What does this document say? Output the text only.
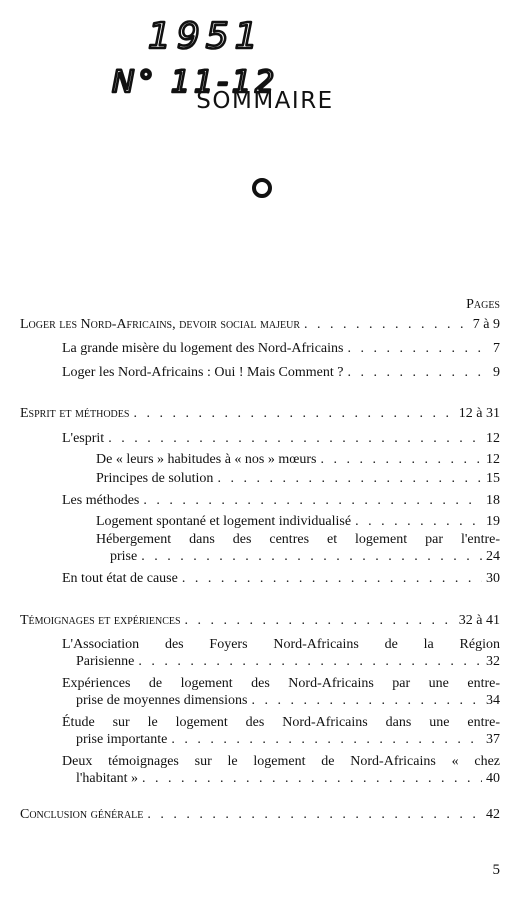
1951
N° 11-12
SOMMAIRE
Pages
Loger les Nord-Africains, devoir social majeur . . .	7 à 9
La grande misère du logement des Nord-Africains . . .	7
Loger les Nord-Africains : Oui ! Mais Comment ? . . .	9
Esprit et méthodes . . .	12 à 31
L'esprit . . .	12
De « leurs » habitudes à « nos » mœurs . . .	12
Principes de solution . . .	15
Les méthodes . . .	18
Logement spontané et logement individualisé . . .	19
Hébergement dans des centres et logement par l'entre-
prise . . .	24
En tout état de cause . . .	30
Témoignages et expériences . . .	32 à 41
L'Association des Foyers Nord-Africains de la Région
Parisienne . . .	32
Expériences de logement des Nord-Africains par une entre-
prise de moyennes dimensions . . .	34
Étude sur le logement des Nord-Africains dans une entre-
prise importante . . .	37
Deux témoignages sur le logement de Nord-Africains « chez
l'habitant » . . .	40
Conclusion générale . . .	42
5
